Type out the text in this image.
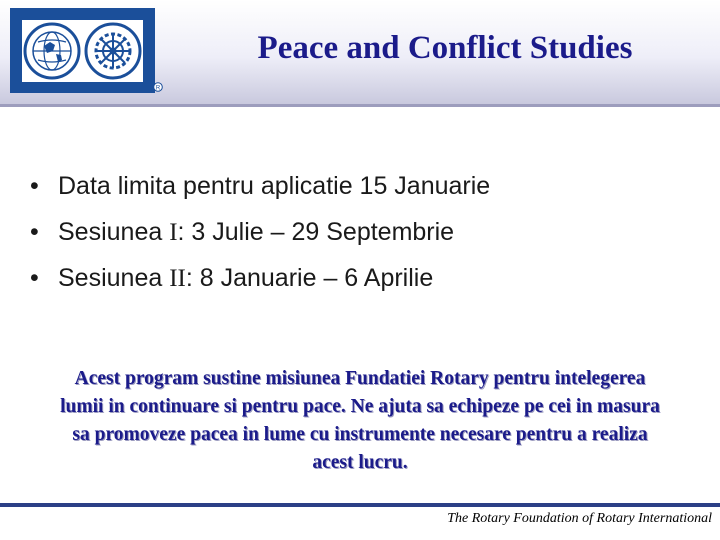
R
Peace and Conflict Studies
• Data limita pentru aplicatie 15 Januarie
• Sesiunea I: 3 Julie – 29 Septembrie
• Sesiunea II: 8 Januarie – 6 Aprilie
Acest program sustine misiunea Fundatiei Rotary pentru intelegerea lumii in continuare si pentru pace. Ne ajuta sa echipeze pe cei in masura sa promoveze pacea in lume cu instrumente necesare pentru a realiza acest lucru.
The Rotary Foundation of Rotary International
